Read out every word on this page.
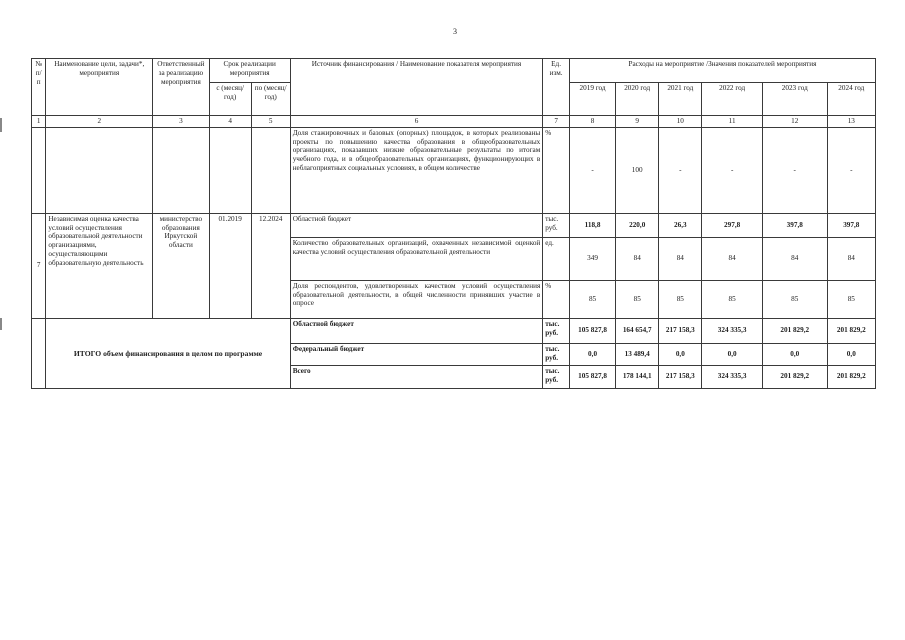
3
№ п/п	Наименование цели, задачи*, мероприятия	Ответственный за реализацию мероприятия	Срок реализации мероприятия		Источник финансирования / Наименование показателя мероприятия	Ед. изм.	Расходы на мероприятие /Значения показателей мероприятия					
			с (месяц/ год)	по (месяц/ год)			2019 год	2020 год	2021 год	2022 год	2023 год	2024 год
1	2	3	4	5	6	7	8	9	10	11	12	13
					Доля стажировочных и базовых (опорных) площадок, в которых реализованы проекты по повышению качества образования в общеобразовательных организациях, показавших низкие образовательные результаты по итогам учебного года, и в общеобразовательных организациях, функционирующих в неблагоприятных социальных условиях, в общем количестве	%	-	100	-	-	-	-
7	Независимая оценка качества условий осуществления образовательной деятельности организациями, осуществляющими образовательную деятельность	министерство образования Иркутской области	01.2019	12.2024	Областной бюджет	тыс. руб.	118,8	220,0	26,3	297,8	397,8	397,8
					Количество образовательных организаций, охваченных независимой оценкой качества условий осуществления образовательной деятельности	ед.	349	84	84	84	84	84
					Доля респондентов, удовлетворенных качеством условий осуществления образовательной деятельности, в общей численности принявших участие в опросе	%	85	85	85	85	85	85
	ИТОГО объем финансирования в целом по программе				Областной бюджет	тыс. руб.	105 827,8	164 654,7	217 158,3	324 335,3	201 829,2	201 829,2
					Федеральный бюджет	тыс. руб.	0,0	13 489,4	0,0	0,0	0,0	0,0
					Всего	тыс. руб.	105 827,8	178 144,1	217 158,3	324 335,3	201 829,2	201 829,2
